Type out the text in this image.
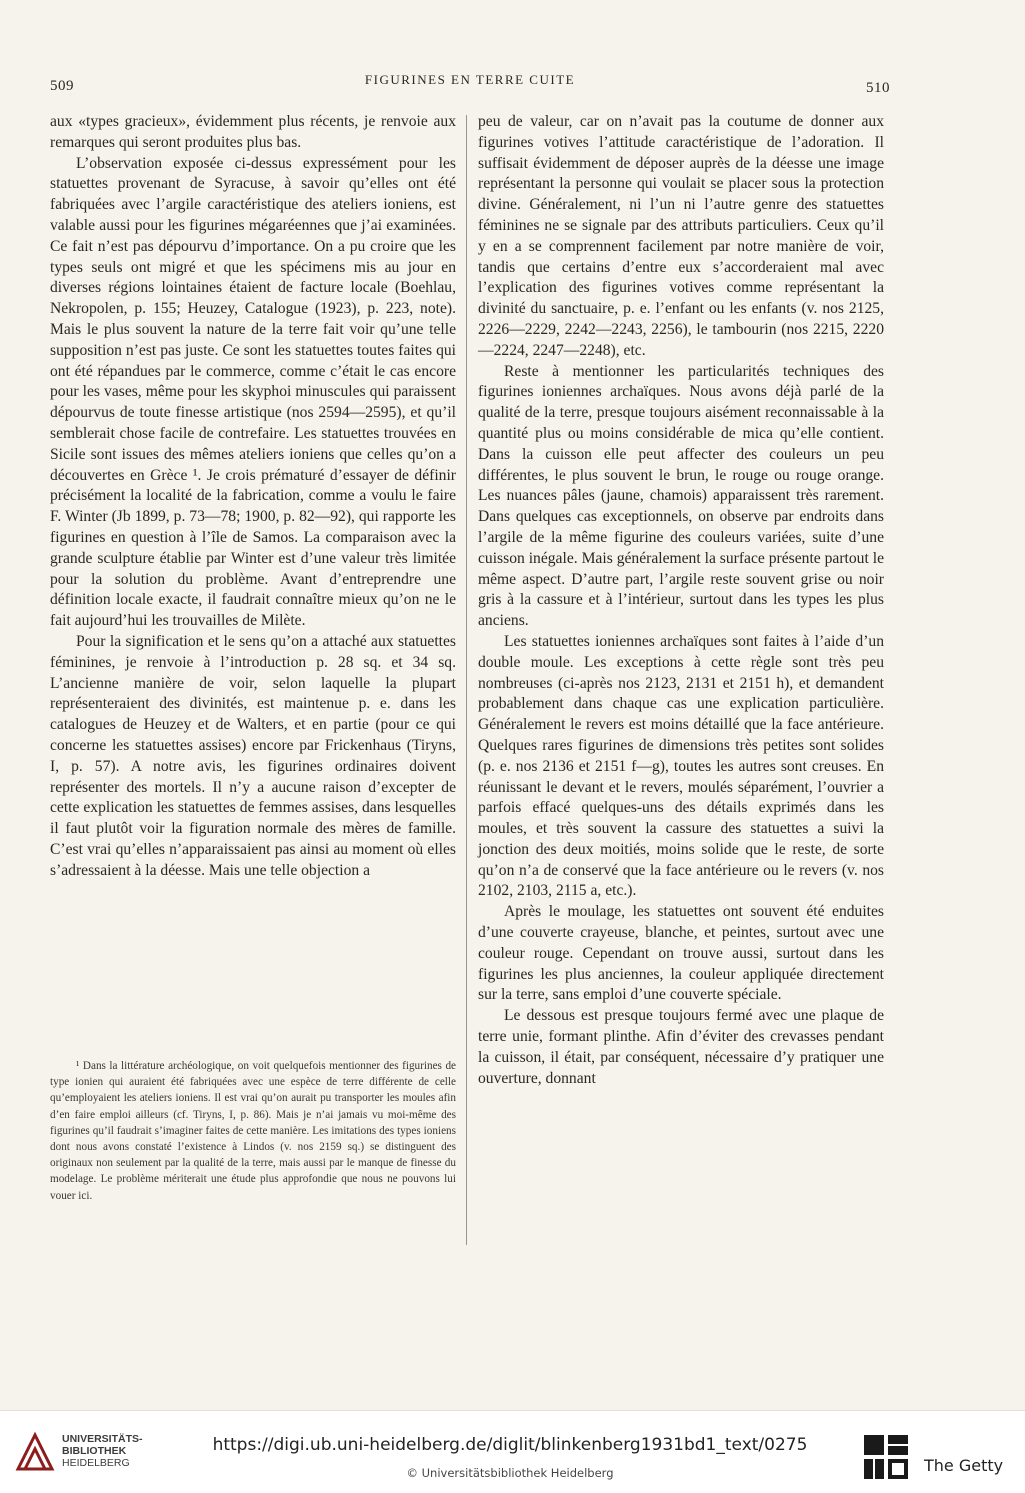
509	FIGURINES EN TERRE CUITE
510

aux «types gracieux», évidemment plus récents, je renvoie aux remarques qui seront produites plus bas.

L’observation exposée ci-dessus expressément pour les statuettes provenant de Syracuse, à savoir qu’elles ont été fabriquées avec l’argile caractéristique des ateliers ioniens, est valable aussi pour les figurines mégaréennes que j’ai examinées. Ce fait n’est pas dépourvu d’importance. On a pu croire que les types seuls ont migré et que les spécimens mis au jour en diverses régions lointaines étaient de facture locale (Boehlau, Nekropolen, p. 155; Heuzey, Catalogue (1923), p. 223, note). Mais le plus souvent la nature de la terre fait voir qu’une telle supposition n’est pas juste. Ce sont les statuettes toutes faites qui ont été répandues par le commerce, comme c’était le cas encore pour les vases, même pour les skyphoi minuscules qui paraissent dépourvus de toute finesse artistique (nos 2594—2595), et qu’il semblerait chose facile de contrefaire. Les statuettes trouvées en Sicile sont issues des mêmes ateliers ioniens que celles qu’on a découvertes en Grèce ¹. Je crois prématuré d’essayer de définir précisément la localité de la fabrication, comme a voulu le faire F. Winter (Jb 1899, p. 73—78; 1900, p. 82—92), qui rapporte les figurines en question à l’île de Samos. La comparaison avec la grande sculpture établie par Winter est d’une valeur très limitée pour la solution du problème. Avant d’entreprendre une définition locale exacte, il faudrait connaître mieux qu’on ne le fait aujourd’hui les trouvailles de Milète.

Pour la signification et le sens qu’on a attaché aux statuettes féminines, je renvoie à l’introduction p. 28 sq. et 34 sq. L’ancienne manière de voir, selon laquelle la plupart représenteraient des divinités, est maintenue p. e. dans les catalogues de Heuzey et de Walters, et en partie (pour ce qui concerne les statuettes assises) encore par Frickenhaus (Tiryns, I, p. 57). A notre avis, les figurines ordinaires doivent représenter des mortels. Il n’y a aucune raison d’excepter de cette explication les statuettes de femmes assises, dans lesquelles il faut plutôt voir la figuration normale des mères de famille. C’est vrai qu’elles n’apparaissaient pas ainsi au moment où elles s’adressaient à la déesse. Mais une telle objection a

¹ Dans la littérature archéologique, on voit quelquefois mentionner des figurines de type ionien qui auraient été fabriquées avec une espèce de terre différente de celle qu’employaient les ateliers ioniens. Il est vrai qu’on aurait pu transporter les moules afin d’en faire emploi ailleurs (cf. Tiryns, I, p. 86). Mais je n’ai jamais vu moi-même des figurines qu’il faudrait s’imaginer faites de cette manière. Les imitations des types ioniens dont nous avons constaté l’existence à Lindos (v. nos 2159 sq.) se distinguent des originaux non seulement par la qualité de la terre, mais aussi par le manque de finesse du modelage. Le problème mériterait une étude plus approfondie que nous ne pouvons lui vouer ici.

peu de valeur, car on n’avait pas la coutume de donner aux figurines votives l’attitude caractéristique de l’adoration. Il suffisait évidemment de déposer auprès de la déesse une image représentant la personne qui voulait se placer sous la protection divine. Généralement, ni l’un ni l’autre genre des statuettes féminines ne se signale par des attributs particuliers. Ceux qu’il y en a se comprennent facilement par notre manière de voir, tandis que certains d’entre eux s’accorderaient mal avec l’explication des figurines votives comme représentant la divinité du sanctuaire, p. e. l’enfant ou les enfants (v. nos 2125, 2226—2229, 2242—2243, 2256), le tambourin (nos 2215, 2220—2224, 2247—2248), etc.

Reste à mentionner les particularités techniques des figurines ioniennes archaïques. Nous avons déjà parlé de la qualité de la terre, presque toujours aisément reconnaissable à la quantité plus ou moins considérable de mica qu’elle contient. Dans la cuisson elle peut affecter des couleurs un peu différentes, le plus souvent le brun, le rouge ou rouge orange. Les nuances pâles (jaune, chamois) apparaissent très rarement. Dans quelques cas exceptionnels, on observe par endroits dans l’argile de la même figurine des couleurs variées, suite d’une cuisson inégale. Mais généralement la surface présente partout le même aspect. D’autre part, l’argile reste souvent grise ou noir gris à la cassure et à l’intérieur, surtout dans les types les plus anciens.

Les statuettes ioniennes archaïques sont faites à l’aide d’un double moule. Les exceptions à cette règle sont très peu nombreuses (ci-après nos 2123, 2131 et 2151 h), et demandent probablement dans chaque cas une explication particulière. Généralement le revers est moins détaillé que la face antérieure. Quelques rares figurines de dimensions très petites sont solides (p. e. nos 2136 et 2151 f—g), toutes les autres sont creuses. En réunissant le devant et le revers, moulés séparément, l’ouvrier a parfois effacé quelques-uns des détails exprimés dans les moules, et très souvent la cassure des statuettes a suivi la jonction des deux moitiés, moins solide que le reste, de sorte qu’on n’a de conservé que la face antérieure ou le revers (v. nos 2102, 2103, 2115 a, etc.).

Après le moulage, les statuettes ont souvent été enduites d’une couverte crayeuse, blanche, et peintes, surtout avec une couleur rouge. Cependant on trouve aussi, surtout dans les figurines les plus anciennes, la couleur appliquée directement sur la terre, sans emploi d’une couverte spéciale.

Le dessous est presque toujours fermé avec une plaque de terre unie, formant plinthe. Afin d’éviter des crevasses pendant la cuisson, il était, par conséquent, nécessaire d’y pratiquer une ouverture, donnant

UNIVERSITÄTS-
BIBLIOTHEK
HEIDELBERG
https://digi.ub.uni-heidelberg.de/diglit/blinkenberg1931bd1_text/0275
© Universitätsbibliothek Heidelberg	The Getty
